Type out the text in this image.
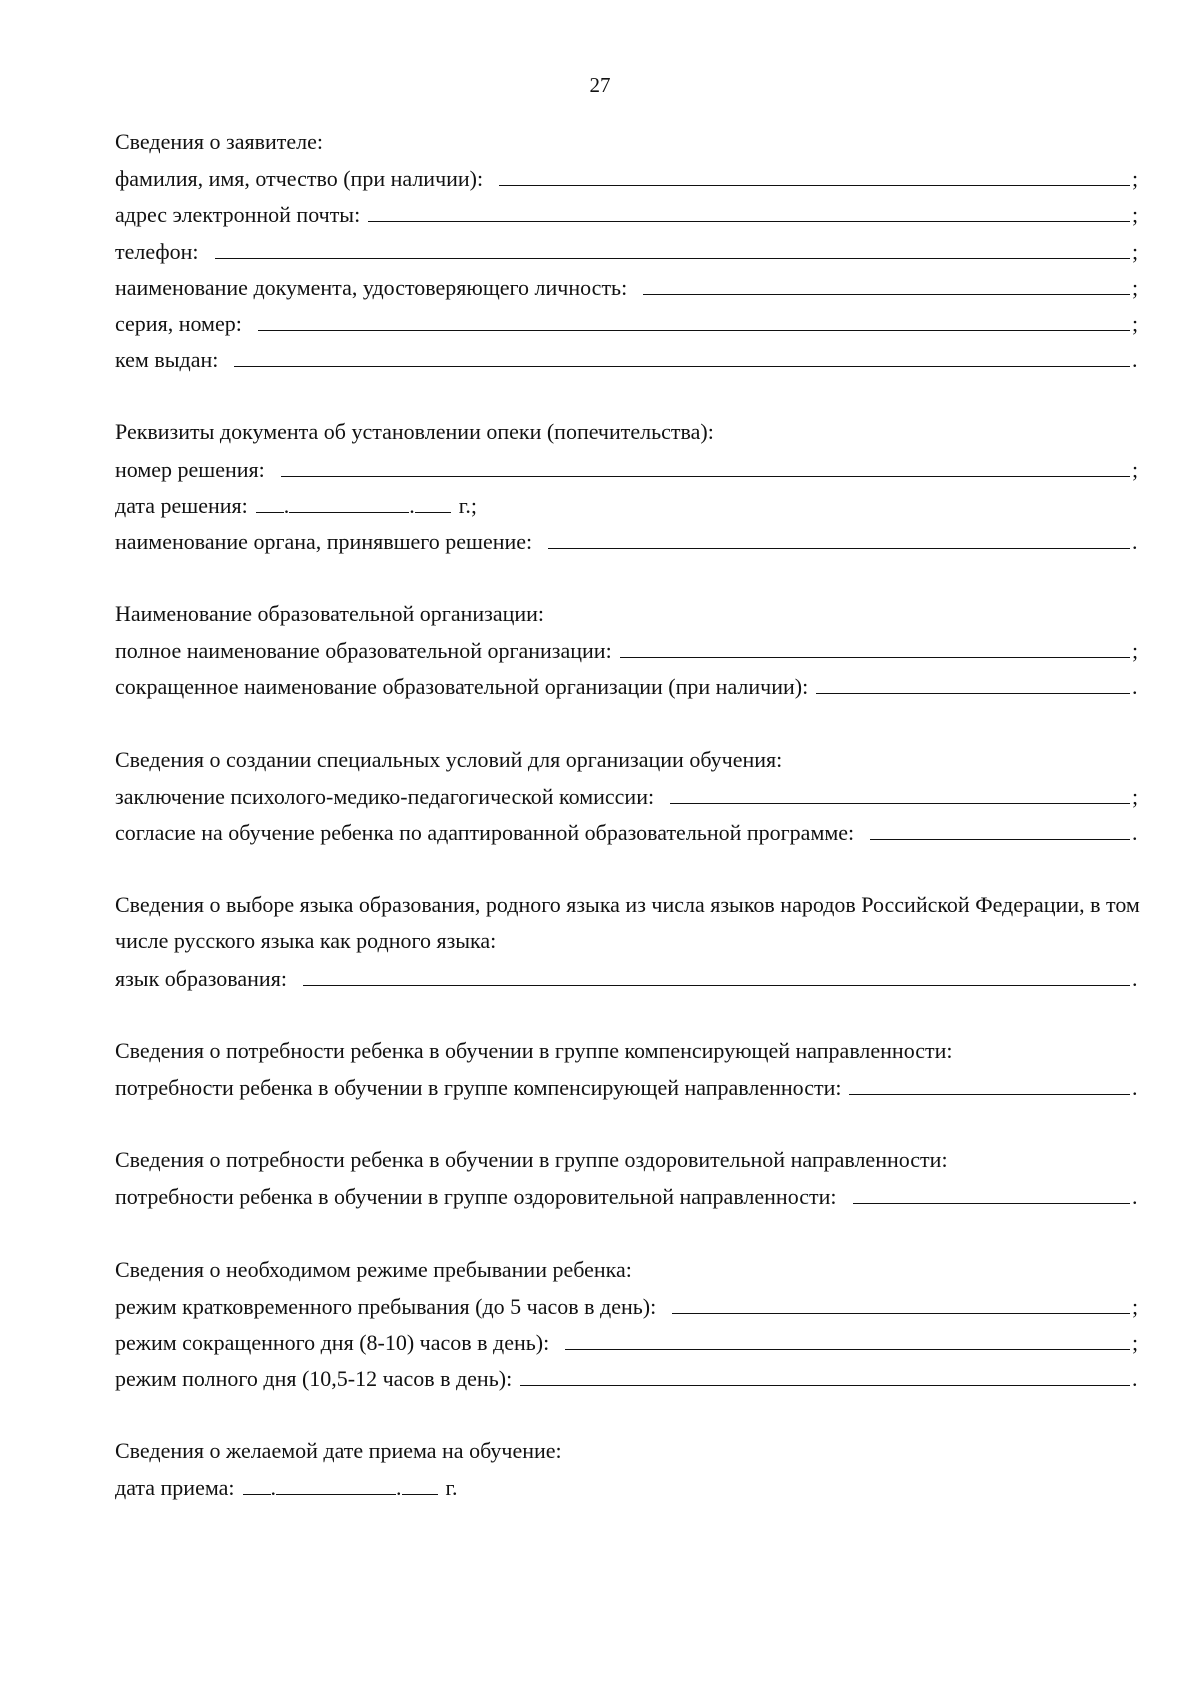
27
Сведения о заявителе:
фамилия, имя, отчество (при наличии):	;
адрес электронной почты:	;
телефон:	;
наименование документа, удостоверяющего личность:	;
серия, номер:	;
кем выдан:	.
Реквизиты документа об установлении опеки (попечительства):
номер решения:	;
дата решения: .	. г.;
наименование органа, принявшего решение:	.
Наименование образовательной организации:
полное наименование образовательной организации:	;
сокращенное наименование образовательной организации (при наличии):	.
Сведения о создании специальных условий для организации обучения:
заключение психолого-медико-педагогической комиссии:	;
согласие на обучение ребенка по адаптированной образовательной программе:	.
Сведения о выборе языка образования, родного языка из числа языков народов Российской Федерации, в том числе русского языка как родного языка:
язык образования:	.
Сведения о потребности ребенка в обучении в группе компенсирующей направленности:
потребности ребенка в обучении в группе компенсирующей направленности:	.
Сведения о потребности ребенка в обучении в группе оздоровительной направленности:
потребности ребенка в обучении в группе оздоровительной направленности:	.
Сведения о необходимом режиме пребывании ребенка:
режим кратковременного пребывания (до 5 часов в день):	;
режим сокращенного дня (8-10) часов в день):	;
режим полного дня (10,5-12 часов в день):	.
Сведения о желаемой дате приема на обучение:
дата приема: .	. г.
